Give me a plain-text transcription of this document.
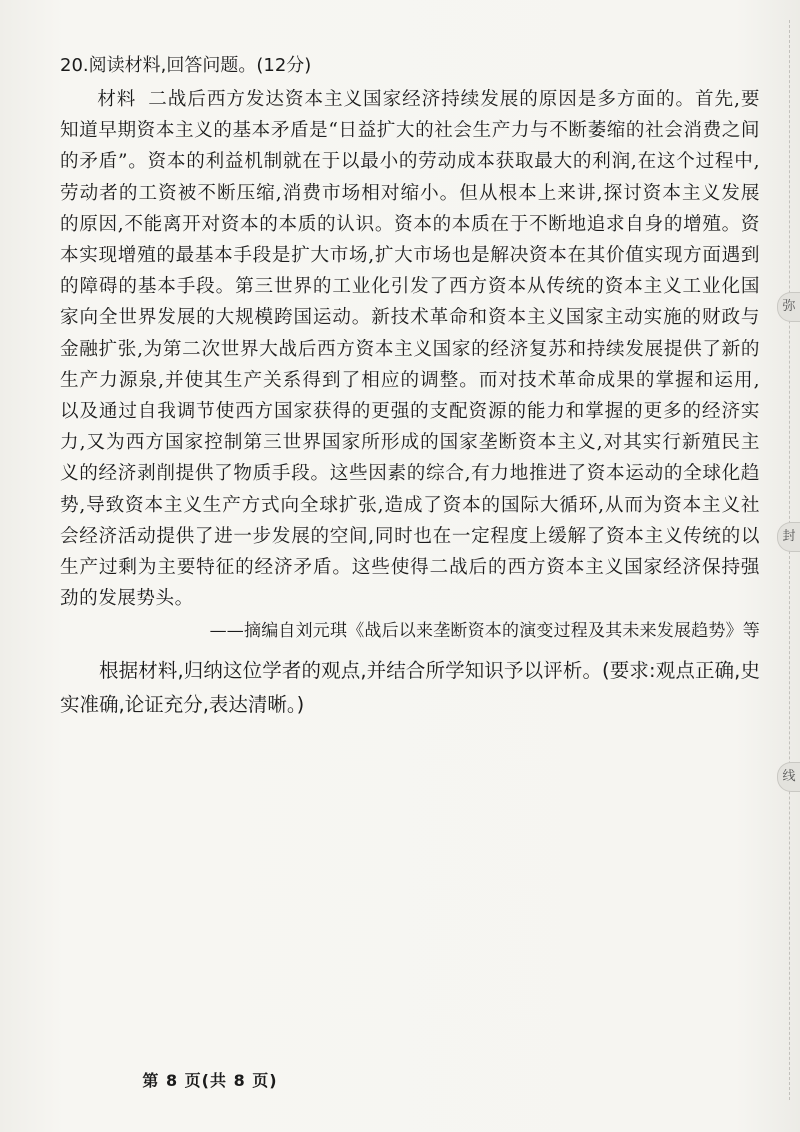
20.阅读材料,回答问题。(12分)

材料 二战后西方发达资本主义国家经济持续发展的原因是多方面的。首先,要知道早期资本主义的基本矛盾是“日益扩大的社会生产力与不断萎缩的社会消费之间的矛盾”。资本的利益机制就在于以最小的劳动成本获取最大的利润,在这个过程中,劳动者的工资被不断压缩,消费市场相对缩小。但从根本上来讲,探讨资本主义发展的原因,不能离开对资本的本质的认识。资本的本质在于不断地追求自身的增殖。资本实现增殖的最基本手段是扩大市场,扩大市场也是解决资本在其价值实现方面遇到的障碍的基本手段。第三世界的工业化引发了西方资本从传统的资本主义工业化国家向全世界发展的大规模跨国运动。新技术革命和资本主义国家主动实施的财政与金融扩张,为第二次世界大战后西方资本主义国家的经济复苏和持续发展提供了新的生产力源泉,并使其生产关系得到了相应的调整。而对技术革命成果的掌握和运用,以及通过自我调节使西方国家获得的更强的支配资源的能力和掌握的更多的经济实力,又为西方国家控制第三世界国家所形成的国家垄断资本主义,对其实行新殖民主义的经济剥削提供了物质手段。这些因素的综合,有力地推进了资本运动的全球化趋势,导致资本主义生产方式向全球扩张,造成了资本的国际大循环,从而为资本主义社会经济活动提供了进一步发展的空间,同时也在一定程度上缓解了资本主义传统的以生产过剩为主要特征的经济矛盾。这些使得二战后的西方资本主义国家经济保持强劲的发展势头。
——摘编自刘元琪《战后以来垄断资本的演变过程及其未来发展趋势》等
根据材料,归纳这位学者的观点,并结合所学知识予以评析。(要求:观点正确,史实准确,论证充分,表达清晰。)
弥
封
线
第 8 页(共 8 页)
